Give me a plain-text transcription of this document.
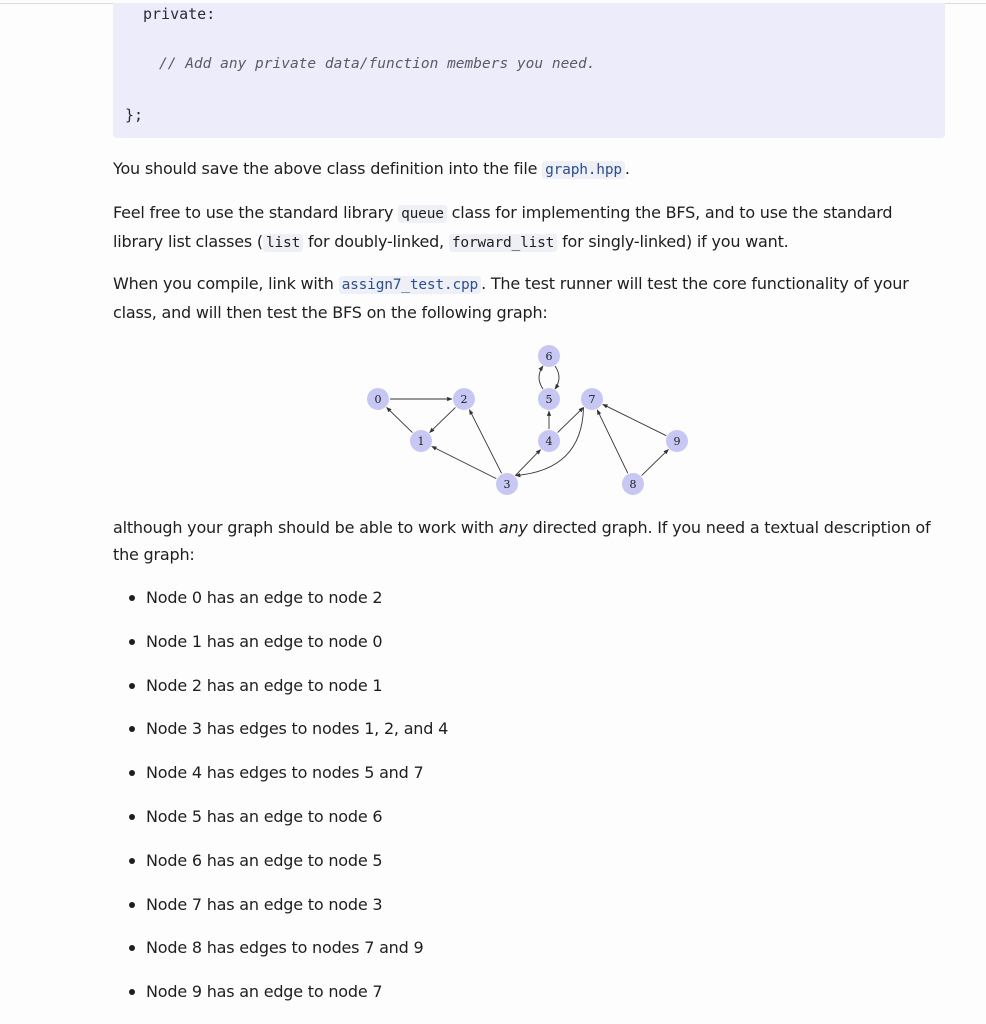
private:
// Add any private data/function members you need.
};

You should save the above class definition into the file graph.hpp .

Feel free to use the standard library queue class for implementing the BFS, and to use the standard library list classes ( list for doubly-linked, forward_list for singly-linked) if you want.

When you compile, link with assign7_test.cpp . The test runner will test the core functionality of your class, and will then test the BFS on the following graph:

0
1
2
3
4
5
6
7
8
9

although your graph should be able to work with any directed graph. If you need a textual description of the graph:

Node 0 has an edge to node 2
Node 1 has an edge to node 0
Node 2 has an edge to node 1
Node 3 has edges to nodes 1, 2, and 4
Node 4 has edges to nodes 5 and 7
Node 5 has an edge to node 6
Node 6 has an edge to node 5
Node 7 has an edge to node 3
Node 8 has edges to nodes 7 and 9
Node 9 has an edge to node 7
